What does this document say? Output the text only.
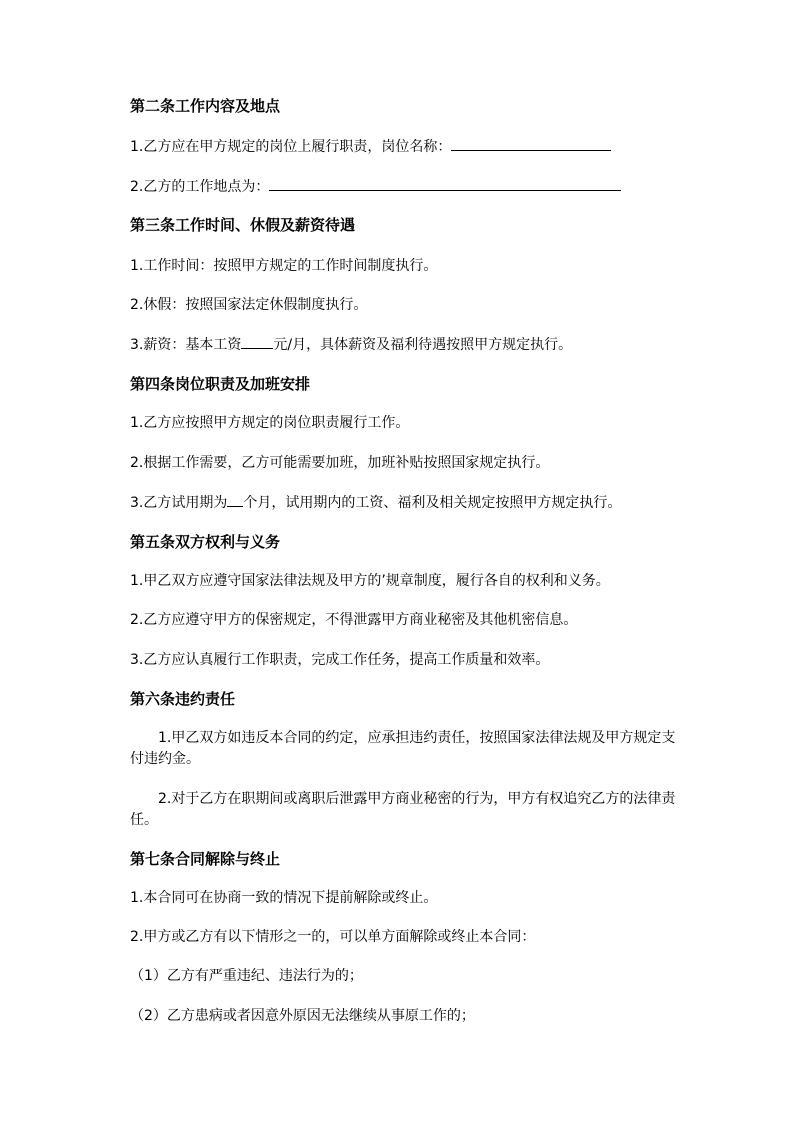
第二条工作内容及地点
1.乙方应在甲方规定的岗位上履行职责，岗位名称：
2.乙方的工作地点为：
第三条工作时间、休假及薪资待遇
1.工作时间：按照甲方规定的工作时间制度执行。
2.休假：按照国家法定休假制度执行。
3.薪资：基本工资 元/月，具体薪资及福利待遇按照甲方规定执行。
第四条岗位职责及加班安排
1.乙方应按照甲方规定的岗位职责履行工作。
2.根据工作需要，乙方可能需要加班，加班补贴按照国家规定执行。
3.乙方试用期为 个月，试用期内的工资、福利及相关规定按照甲方规定执行。
第五条双方权利与义务
1.甲乙双方应遵守国家法律法规及甲方的’规章制度，履行各自的权利和义务。
2.乙方应遵守甲方的保密规定，不得泄露甲方商业秘密及其他机密信息。
3.乙方应认真履行工作职责，完成工作任务，提高工作质量和效率。
第六条违约责任
1.甲乙双方如违反本合同的约定，应承担违约责任，按照国家法律法规及甲方规定支付违约金。
2.对于乙方在职期间或离职后泄露甲方商业秘密的行为，甲方有权追究乙方的法律责任。
第七条合同解除与终止
1.本合同可在协商一致的情况下提前解除或终止。
2.甲方或乙方有以下情形之一的，可以单方面解除或终止本合同：
（1）乙方有严重违纪、违法行为的；
（2）乙方患病或者因意外原因无法继续从事原工作的；
